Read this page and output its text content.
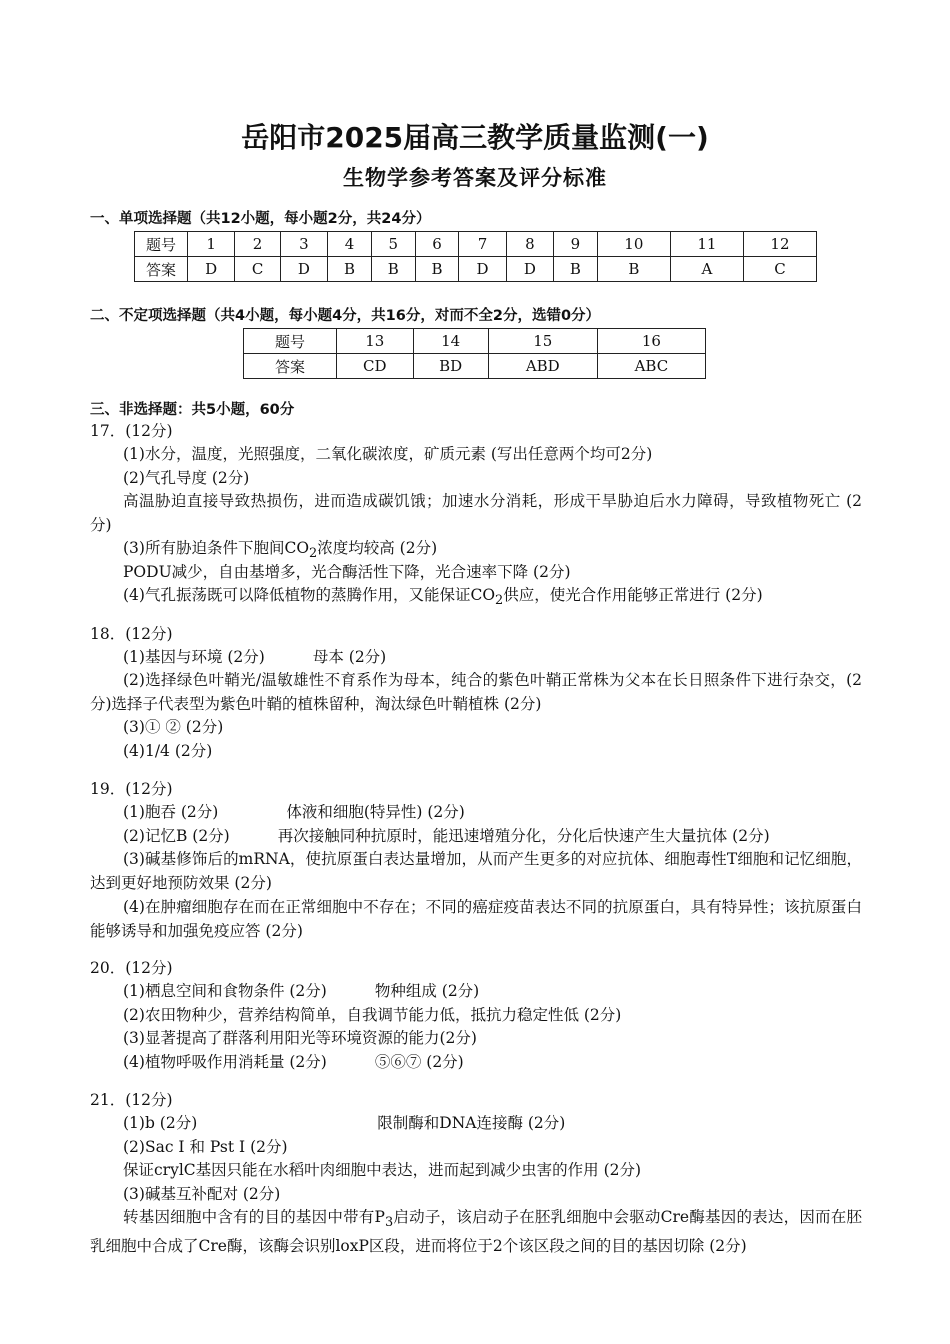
岳阳市2025届高三教学质量监测(一)
生物学参考答案及评分标准
一、单项选择题（共12小题，每小题2分，共24分）
题号	1	2	3	4	5	6	7	8	9	10	11	12
答案	D	C	D	B	B	B	D	D	B	B	A	C
二、不定项选择题（共4小题，每小题4分，共16分，对而不全2分，选错0分）
题号	13	14	15	16
答案	CD	BD	ABD	ABC
三、非选择题：共5小题，60分
17．(12分)
(1)水分，温度，光照强度，二氧化碳浓度，矿质元素 (写出任意两个均可2分)
(2)气孔导度 (2分)
高温胁迫直接导致热损伤，进而造成碳饥饿；加速水分消耗，形成干旱胁迫后水力障碍，导致植物死亡 (2分)
(3)所有胁迫条件下胞间$CO_2$浓度均较高 (2分)
PODU减少，自由基增多，光合酶活性下降，光合速率下降 (2分)
(4)气孔振荡既可以降低植物的蒸腾作用，又能保证$CO_2$供应，使光合作用能够正常进行 (2分)
18．(12分)
(1)基因与环境 (2分)	母本 (2分)
(2)选择绿色叶鞘光/温敏雄性不育系作为母本，纯合的紫色叶鞘正常株为父本在长日照条件下进行杂交，(2分)选择子代表型为紫色叶鞘的植株留种，淘汰绿色叶鞘植株 (2分)
(3)① ② (2分)
(4)1/4 (2分)
19．(12分)
(1)胞吞 (2分)	体液和细胞(特异性) (2分)
(2)记忆B (2分)	再次接触同种抗原时，能迅速增殖分化，分化后快速产生大量抗体 (2分)
(3)碱基修饰后的mRNA，使抗原蛋白表达量增加，从而产生更多的对应抗体、细胞毒性T细胞和记忆细胞，达到更好地预防效果 (2分)
(4)在肿瘤细胞存在而在正常细胞中不存在；不同的癌症疫苗表达不同的抗原蛋白，具有特异性；该抗原蛋白能够诱导和加强免疫应答 (2分)
20．(12分)
(1)栖息空间和食物条件 (2分)	物种组成 (2分)
(2)农田物种少，营养结构简单，自我调节能力低，抵抗力稳定性低 (2分)
(3)显著提高了群落利用阳光等环境资源的能力(2分)
(4)植物呼吸作用消耗量 (2分)	⑤⑥⑦ (2分)
21．(12分)
(1)b (2分)	限制酶和DNA连接酶 (2分)
(2)Sac I 和 Pst I (2分)
保证crylC基因只能在水稻叶肉细胞中表达，进而起到减少虫害的作用 (2分)
(3)碱基互补配对 (2分)
转基因细胞中含有的目的基因中带有$P_3$启动子，该启动子在胚乳细胞中会驱动Cre酶基因的表达，因而在胚乳细胞中合成了Cre酶，该酶会识别loxP区段，进而将位于2个该区段之间的目的基因切除 (2分)
